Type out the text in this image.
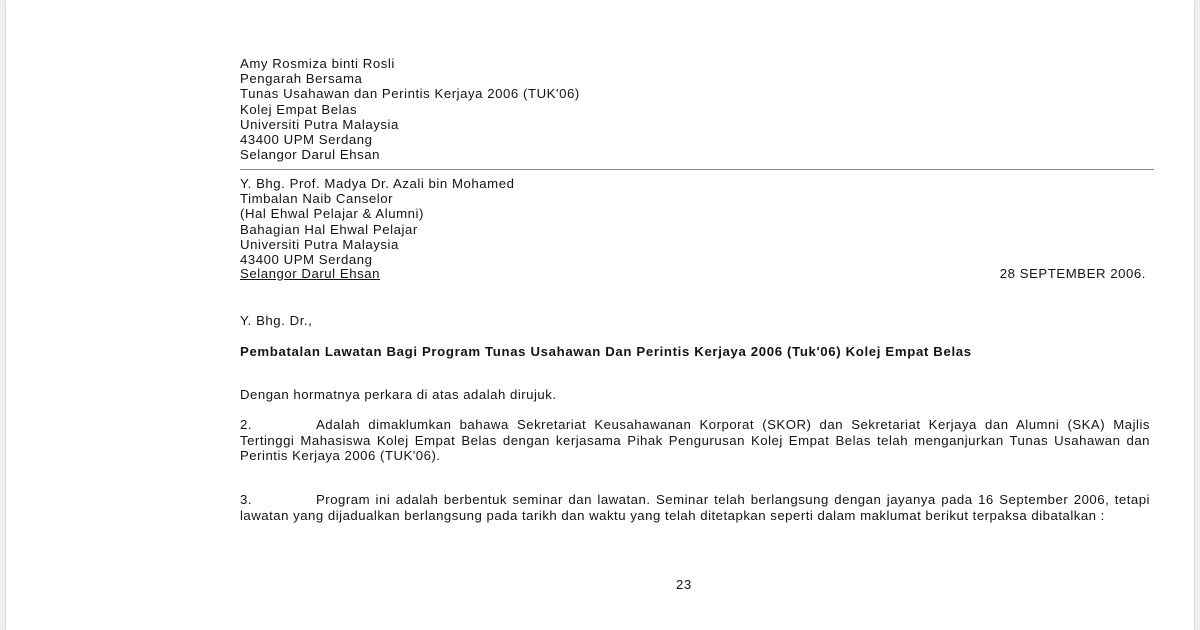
Amy Rosmiza binti Rosli
Pengarah Bersama
Tunas Usahawan dan Perintis Kerjaya 2006 (TUK'06)
Kolej Empat Belas
Universiti Putra Malaysia
43400 UPM Serdang
Selangor Darul Ehsan
Y. Bhg. Prof. Madya Dr. Azali bin Mohamed
Timbalan Naib Canselor
(Hal Ehwal Pelajar & Alumni)
Bahagian Hal Ehwal Pelajar
Universiti Putra Malaysia
43400 UPM Serdang
Selangor Darul Ehsan	28 SEPTEMBER 2006.
Y. Bhg. Dr.,
Pembatalan Lawatan Bagi Program Tunas Usahawan Dan Perintis Kerjaya 2006 (Tuk'06) Kolej Empat Belas
Dengan hormatnya perkara di atas adalah dirujuk.
2.	Adalah dimaklumkan bahawa Sekretariat Keusahawanan Korporat (SKOR) dan Sekretariat Kerjaya dan Alumni (SKA) Majlis Tertinggi Mahasiswa Kolej Empat Belas dengan kerjasama Pihak Pengurusan Kolej Empat Belas telah menganjurkan Tunas Usahawan dan Perintis Kerjaya 2006 (TUK'06).
3.	Program ini adalah berbentuk seminar dan lawatan. Seminar telah berlangsung dengan jayanya pada 16 September 2006, tetapi lawatan yang dijadualkan berlangsung pada tarikh dan waktu yang telah ditetapkan seperti dalam maklumat berikut terpaksa dibatalkan :
23
